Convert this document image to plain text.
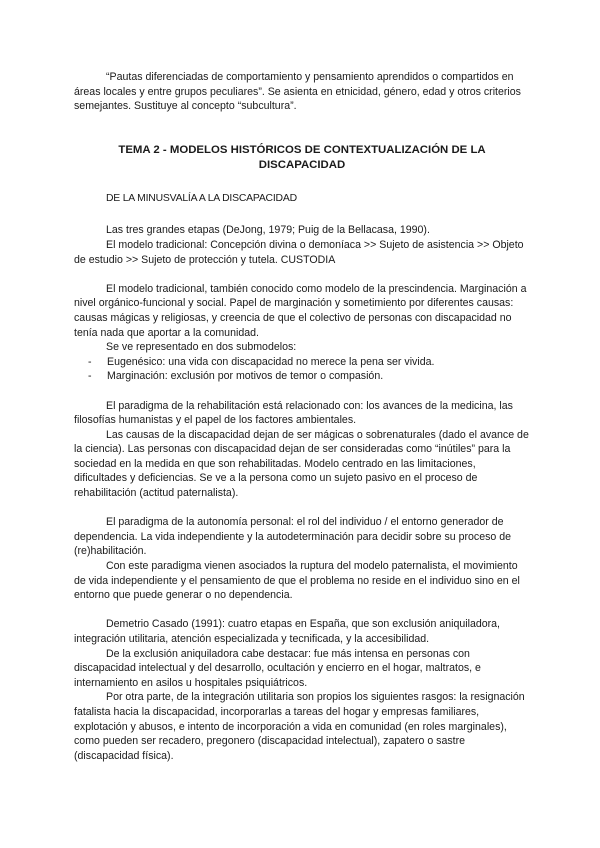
“Pautas diferenciadas de comportamiento y pensamiento aprendidos o compartidos en áreas locales y entre grupos peculiares”. Se asienta en etnicidad, género, edad y otros criterios semejantes. Sustituye al concepto “subcultura”.

TEMA 2 - MODELOS HISTÓRICOS DE CONTEXTUALIZACIÓN DE LA DISCAPACIDAD

DE LA MINUSVALÍA A LA DISCAPACIDAD

Las tres grandes etapas (DeJong, 1979; Puig de la Bellacasa, 1990).

El modelo tradicional: Concepción divina o demoníaca >> Sujeto de asistencia >> Objeto de estudio >> Sujeto de protección y tutela. CUSTODIA

El modelo tradicional, también conocido como modelo de la prescindencia. Marginación a nivel orgánico-funcional y social. Papel de marginación y sometimiento por diferentes causas: causas mágicas y religiosas, y creencia de que el colectivo de personas con discapacidad no tenía nada que aportar a la comunidad.

Se ve representado en dos submodelos:

- Eugenésico: una vida con discapacidad no merece la pena ser vivida.
- Marginación: exclusión por motivos de temor o compasión.

El paradigma de la rehabilitación está relacionado con: los avances de la medicina, las filosofías humanistas y el papel de los factores ambientales.

Las causas de la discapacidad dejan de ser mágicas o sobrenaturales (dado el avance de la ciencia). Las personas con discapacidad dejan de ser consideradas como “inútiles” para la sociedad en la medida en que son rehabilitadas. Modelo centrado en las limitaciones, dificultades y deficiencias. Se ve a la persona como un sujeto pasivo en el proceso de rehabilitación (actitud paternalista).

El paradigma de la autonomía personal: el rol del individuo / el entorno generador de dependencia. La vida independiente y la autodeterminación para decidir sobre su proceso de (re)habilitación.

Con este paradigma vienen asociados la ruptura del modelo paternalista, el movimiento de vida independiente y el pensamiento de que el problema no reside en el individuo sino en el entorno que puede generar o no dependencia.

Demetrio Casado (1991): cuatro etapas en España, que son exclusión aniquiladora, integración utilitaria, atención especializada y tecnificada, y la accesibilidad.

De la exclusión aniquiladora cabe destacar: fue más intensa en personas con discapacidad intelectual y del desarrollo, ocultación y encierro en el hogar, maltratos, e internamiento en asilos u hospitales psiquiátricos.

Por otra parte, de la integración utilitaria son propios los siguientes rasgos: la resignación fatalista hacia la discapacidad, incorporarlas a tareas del hogar y empresas familiares, explotación y abusos, e intento de incorporación a vida en comunidad (en roles marginales), como pueden ser recadero, pregonero (discapacidad intelectual), zapatero o sastre (discapacidad física).
